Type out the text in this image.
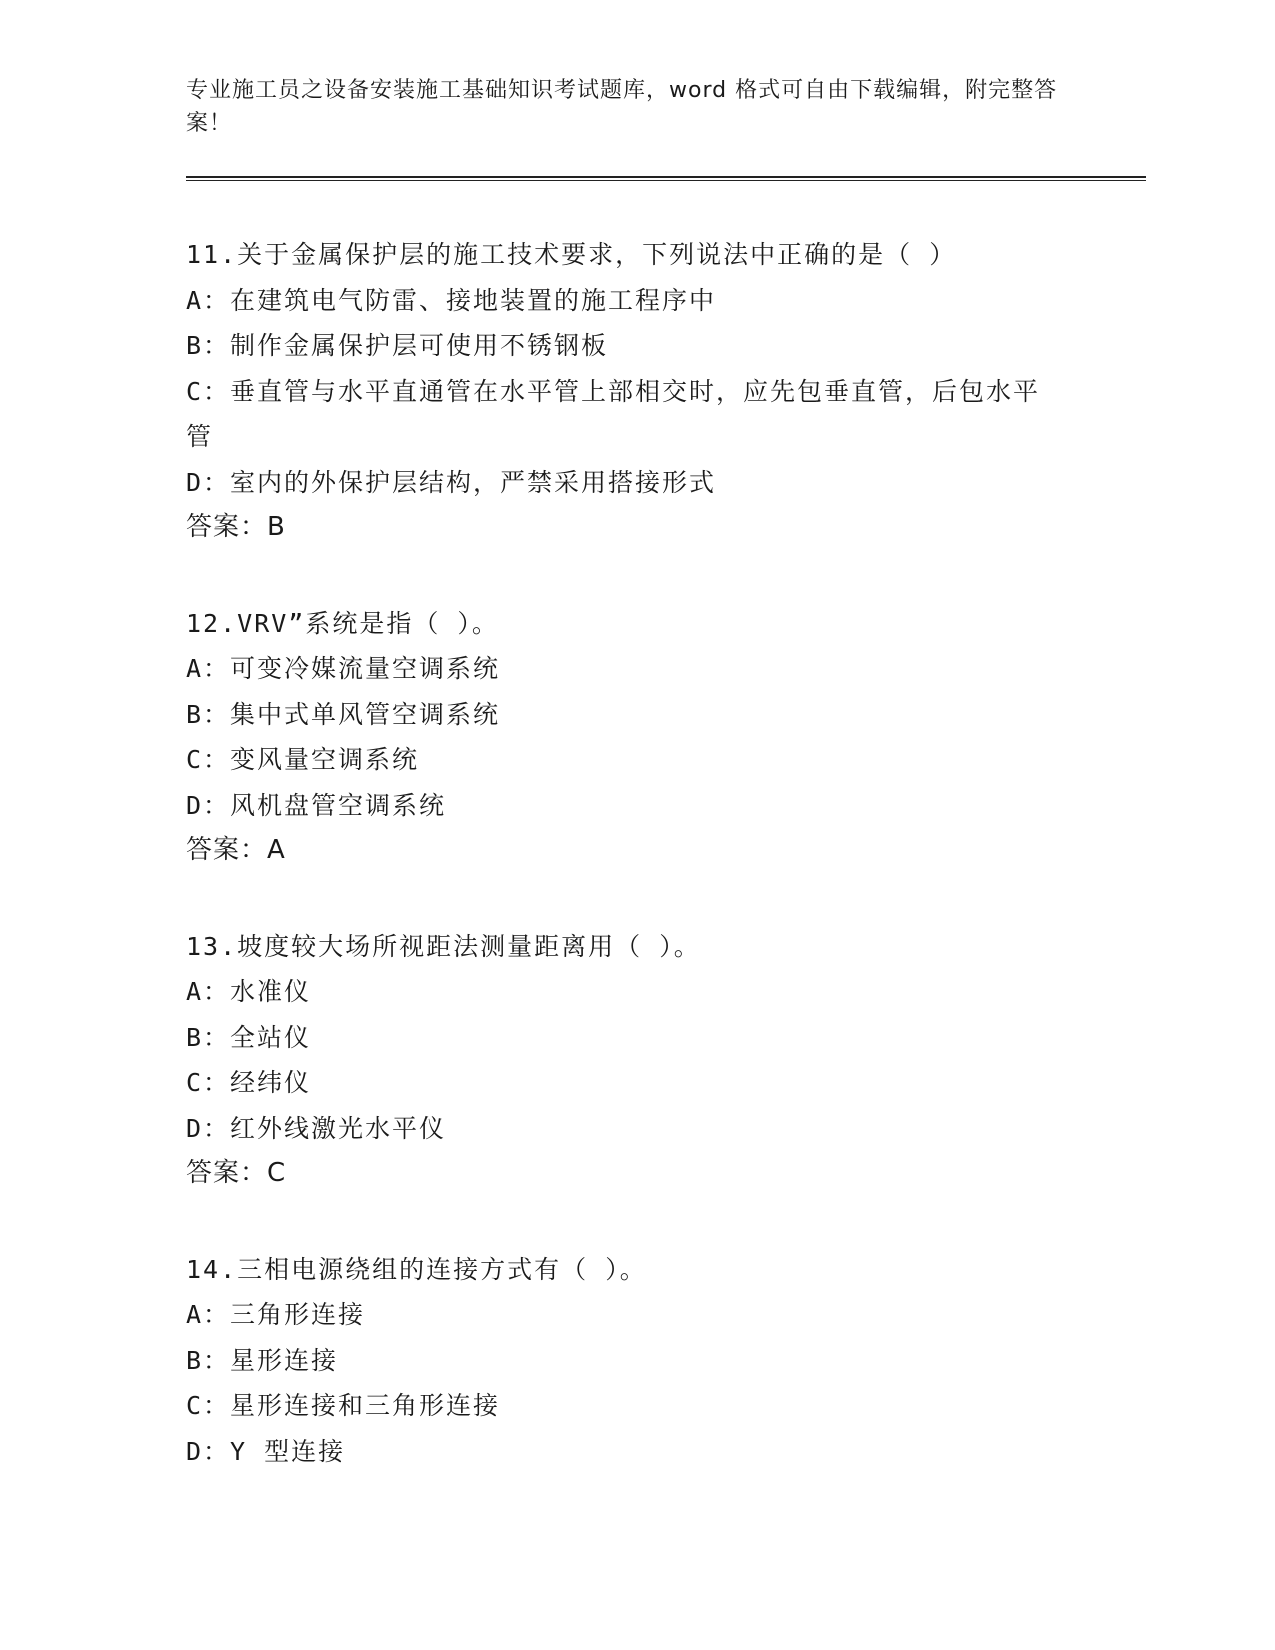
专业施工员之设备安装施工基础知识考试题库，word 格式可自由下载编辑，附完整答案！
11.关于金属保护层的施工技术要求，下列说法中正确的是（ ）
A：在建筑电气防雷、接地装置的施工程序中
B：制作金属保护层可使用不锈钢板
C：垂直管与水平直通管在水平管上部相交时，应先包垂直管，后包水平管
D：室内的外保护层结构，严禁采用搭接形式
答案：B
12.VRV”系统是指（ ）。
A：可变冷媒流量空调系统
B：集中式单风管空调系统
C：变风量空调系统
D：风机盘管空调系统
答案：A
13.坡度较大场所视距法测量距离用（ ）。
A：水准仪
B：全站仪
C：经纬仪
D：红外线激光水平仪
答案：C
14.三相电源绕组的连接方式有（ ）。
A：三角形连接
B：星形连接
C：星形连接和三角形连接
D：Y 型连接
